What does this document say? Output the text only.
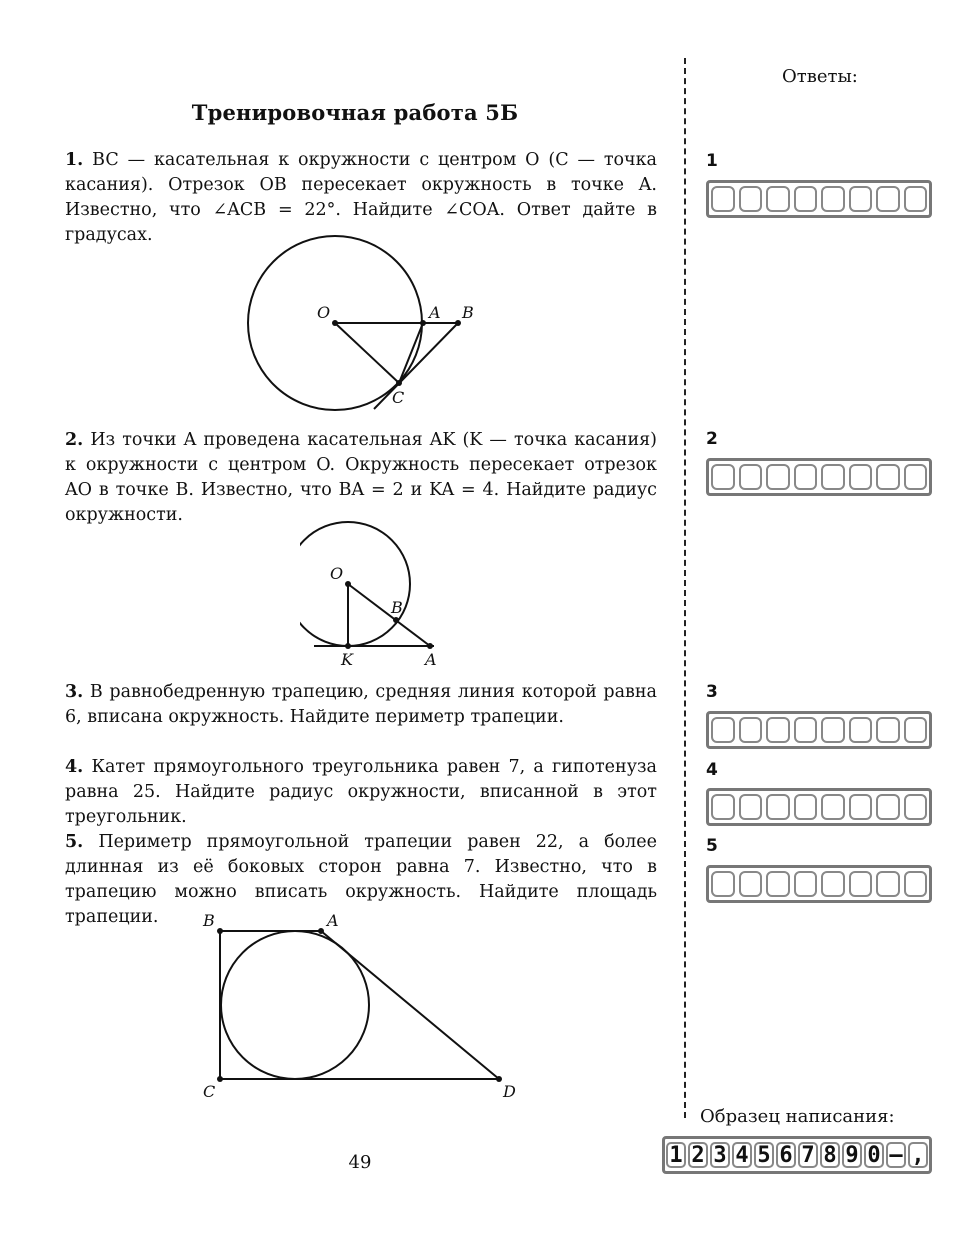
Тренировочная работа 5Б
1. BC — касательная к окружности с центром O (C — точка касания). Отрезок OB пересекает окружность в точке A. Известно, что ∠ACB = 22°. Найдите ∠COA. Ответ дайте в градусах.
O	A B
C
2. Из точки A проведена касательная AK (K — точка касания) к окружности с центром O. Окружность пересекает отрезок AO в точке B. Известно, что BA = 2 и KA = 4. Найдите радиус окружности.
O
B
K	A
3. В равнобедренную трапецию, средняя линия которой равна 6, вписана окружность. Найдите периметр трапеции.
4. Катет прямоугольного треугольника равен 7, а гипотенуза равна 25. Найдите радиус окружности, вписанной в этот треугольник.
5. Периметр прямоугольной трапеции равен 22, а более длинная из её боковых сторон равна 7. Известно, что в трапецию можно вписать окружность. Найдите площадь трапеции.	B	A
C	D
Ответы:
1
2
3
4
5
Образец написания:
1 2 3 4 5 6 7 8 9 0 – ,
49
